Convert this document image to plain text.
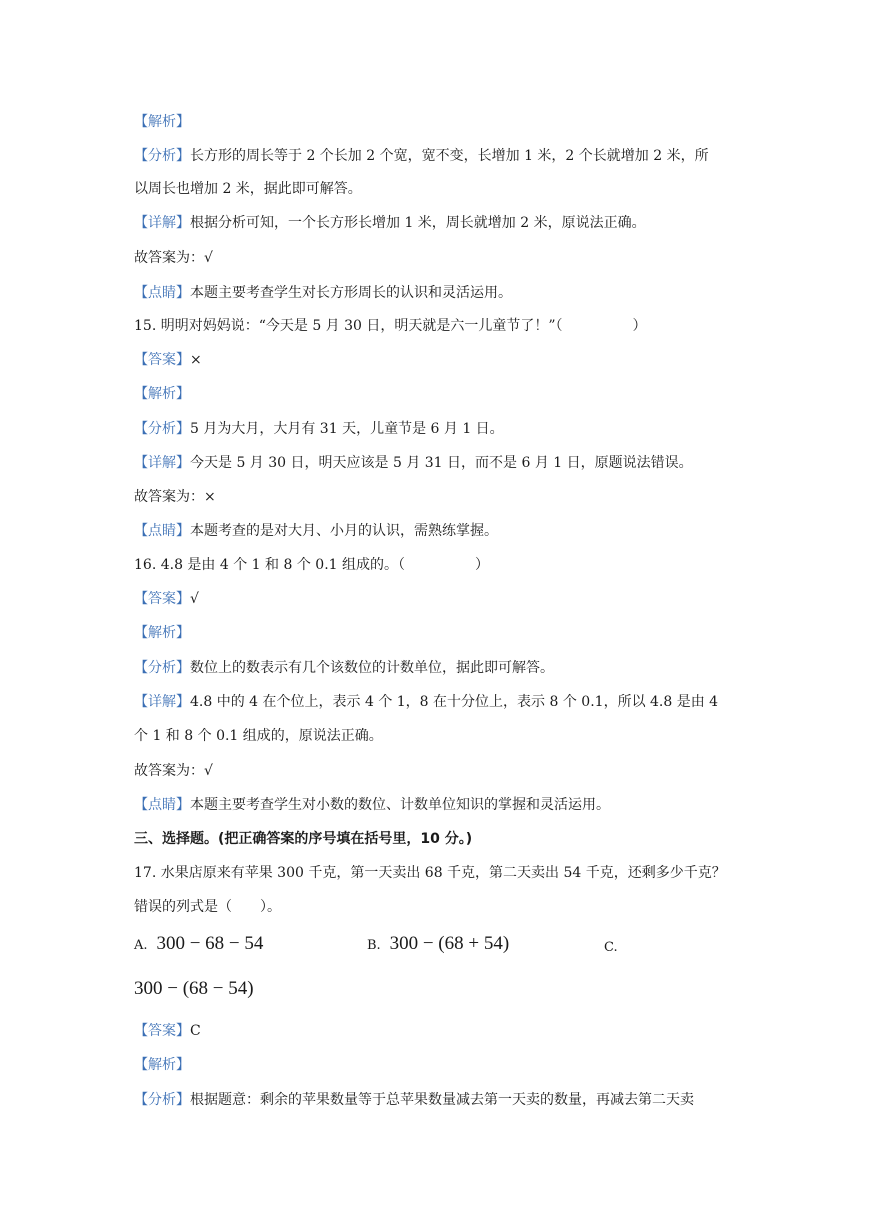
【解析】
【分析】长方形的周长等于 2 个长加 2 个宽，宽不变，长增加 1 米，2 个长就增加 2 米，所
以周长也增加 2 米，据此即可解答。
【详解】根据分析可知，一个长方形长增加 1 米，周长就增加 2 米，原说法正确。
故答案为：√
【点睛】本题主要考查学生对长方形周长的认识和灵活运用。
15. 明明对妈妈说：“今天是 5 月 30 日，明天就是六一儿童节了！”（　　　　　）
【答案】×
【解析】
【分析】5 月为大月，大月有 31 天，儿童节是 6 月 1 日。
【详解】今天是 5 月 30 日，明天应该是 5 月 31 日，而不是 6 月 1 日，原题说法错误。
故答案为：×
【点睛】本题考查的是对大月、小月的认识，需熟练掌握。
16. 4.8 是由 4 个 1 和 8 个 0.1 组成的。（　　　　　）
【答案】√
【解析】
【分析】数位上的数表示有几个该数位的计数单位，据此即可解答。
【详解】4.8 中的 4 在个位上，表示 4 个 1，8 在十分位上，表示 8 个 0.1，所以 4.8 是由 4
个 1 和 8 个 0.1 组成的，原说法正确。
故答案为：√
【点睛】本题主要考查学生对小数的数位、计数单位知识的掌握和灵活运用。
三、选择题。(把正确答案的序号填在括号里，10 分。)
17. 水果店原来有苹果 300 千克，第一天卖出 68 千克，第二天卖出 54 千克，还剩多少千克？
错误的列式是（　　）。
A. 300 − 68 − 54	B. 300 − (68 + 54)	C.
300 − (68 − 54)
【答案】C
【解析】
【分析】根据题意：剩余的苹果数量等于总苹果数量减去第一天卖的数量，再减去第二天卖
